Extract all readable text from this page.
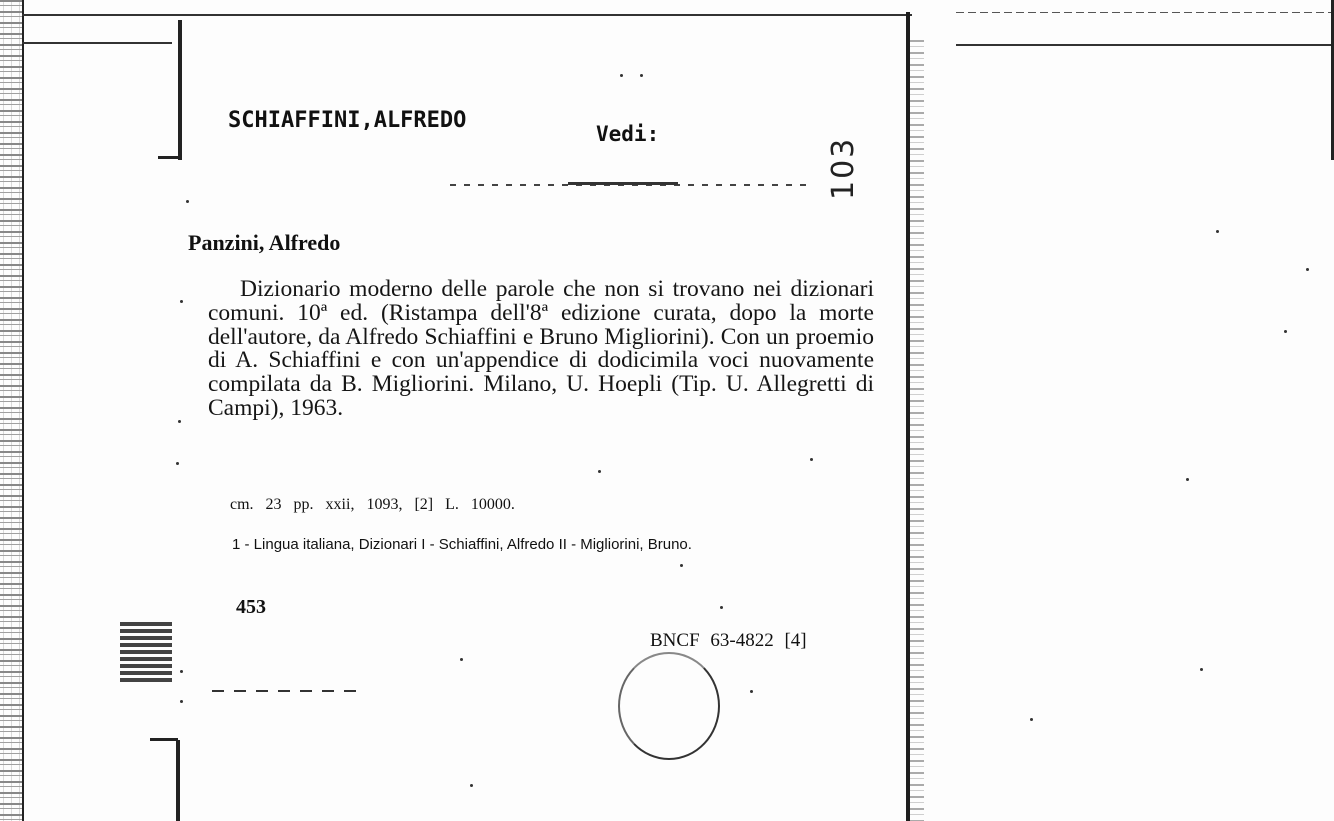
SCHIAFFINI,ALFREDO
Vedi:
103
Panzini, Alfredo
Dizionario moderno delle parole che non si trovano nei dizionari comuni. 10ª ed. (Ristampa dell'8ª edizione curata, dopo la morte dell'autore, da Alfredo Schiaffini e Bruno Migliorini). Con un proemio di A. Schiaffini e con un'appendice di dodicimila voci nuovamente compilata da B. Migliorini. Milano, U. Hoepli (Tip. U. Allegretti di Campi), 1963.
cm. 23 pp. xxii, 1093, [2] L. 10000.
1 - Lingua italiana, Dizionari I - Schiaffini, Alfredo II - Migliorini, Bruno.
453
BNCF 63-4822 [4]
